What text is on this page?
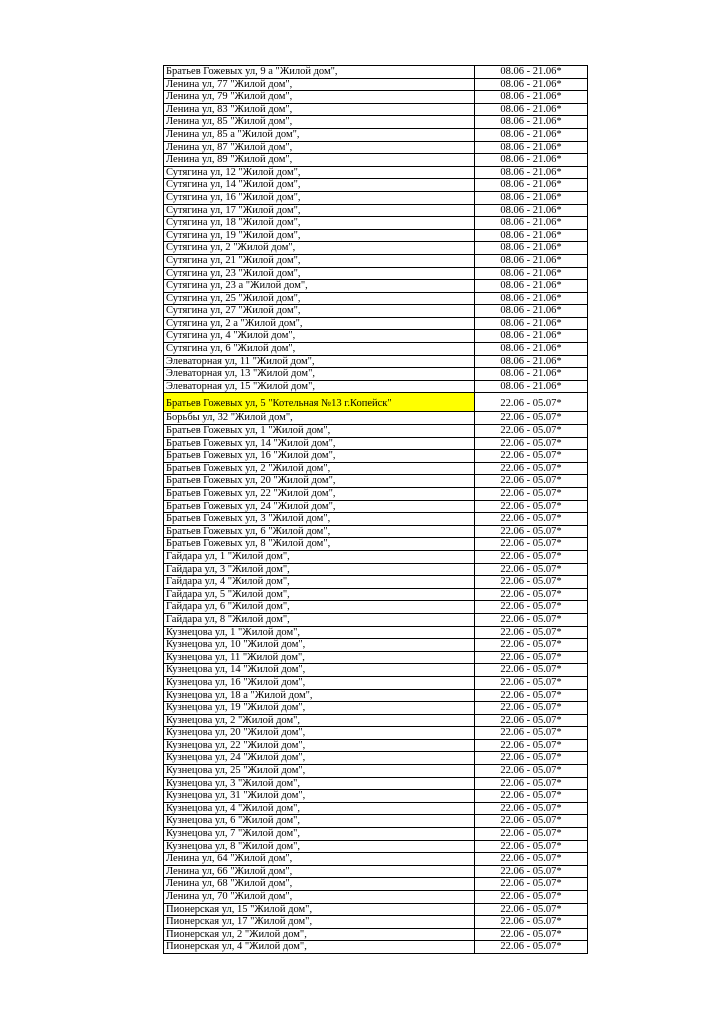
Братьев Гожевых ул, 9 а "Жилой дом",	08.06 - 21.06*
Ленина ул, 77 "Жилой дом",	08.06 - 21.06*
Ленина ул, 79 "Жилой дом",	08.06 - 21.06*
Ленина ул, 83 "Жилой дом",	08.06 - 21.06*
Ленина ул, 85 "Жилой дом",	08.06 - 21.06*
Ленина ул, 85 а "Жилой дом",	08.06 - 21.06*
Ленина ул, 87 "Жилой дом",	08.06 - 21.06*
Ленина ул, 89 "Жилой дом",	08.06 - 21.06*
Сутягина ул, 12 "Жилой дом",	08.06 - 21.06*
Сутягина ул, 14 "Жилой дом",	08.06 - 21.06*
Сутягина ул, 16 "Жилой дом",	08.06 - 21.06*
Сутягина ул, 17 "Жилой дом",	08.06 - 21.06*
Сутягина ул, 18 "Жилой дом",	08.06 - 21.06*
Сутягина ул, 19 "Жилой дом",	08.06 - 21.06*
Сутягина ул, 2 "Жилой дом",	08.06 - 21.06*
Сутягина ул, 21 "Жилой дом",	08.06 - 21.06*
Сутягина ул, 23 "Жилой дом",	08.06 - 21.06*
Сутягина ул, 23 а "Жилой дом",	08.06 - 21.06*
Сутягина ул, 25 "Жилой дом",	08.06 - 21.06*
Сутягина ул, 27 "Жилой дом",	08.06 - 21.06*
Сутягина ул, 2 а "Жилой дом",	08.06 - 21.06*
Сутягина ул, 4 "Жилой дом",	08.06 - 21.06*
Сутягина ул, 6 "Жилой дом",	08.06 - 21.06*
Элеваторная ул, 11 "Жилой дом",	08.06 - 21.06*
Элеваторная ул, 13 "Жилой дом",	08.06 - 21.06*
Элеваторная ул, 15 "Жилой дом",	08.06 - 21.06*
Братьев Гожевых ул, 5 "Котельная №13 г.Копейск"	22.06 - 05.07*
Борьбы ул, 32 "Жилой дом",	22.06 - 05.07*
Братьев Гожевых ул, 1 "Жилой дом",	22.06 - 05.07*
Братьев Гожевых ул, 14 "Жилой дом",	22.06 - 05.07*
Братьев Гожевых ул, 16 "Жилой дом",	22.06 - 05.07*
Братьев Гожевых ул, 2 "Жилой дом",	22.06 - 05.07*
Братьев Гожевых ул, 20 "Жилой дом",	22.06 - 05.07*
Братьев Гожевых ул, 22 "Жилой дом",	22.06 - 05.07*
Братьев Гожевых ул, 24 "Жилой дом",	22.06 - 05.07*
Братьев Гожевых ул, 3 "Жилой дом",	22.06 - 05.07*
Братьев Гожевых ул, 6 "Жилой дом",	22.06 - 05.07*
Братьев Гожевых ул, 8 "Жилой дом",	22.06 - 05.07*
Гайдара ул, 1 "Жилой дом",	22.06 - 05.07*
Гайдара ул, 3 "Жилой дом",	22.06 - 05.07*
Гайдара ул, 4 "Жилой дом",	22.06 - 05.07*
Гайдара ул, 5 "Жилой дом",	22.06 - 05.07*
Гайдара ул, 6 "Жилой дом",	22.06 - 05.07*
Гайдара ул, 8 "Жилой дом",	22.06 - 05.07*
Кузнецова ул, 1 "Жилой дом",	22.06 - 05.07*
Кузнецова ул, 10 "Жилой дом",	22.06 - 05.07*
Кузнецова ул, 11 "Жилой дом",	22.06 - 05.07*
Кузнецова ул, 14 "Жилой дом",	22.06 - 05.07*
Кузнецова ул, 16 "Жилой дом",	22.06 - 05.07*
Кузнецова ул, 18 а "Жилой дом",	22.06 - 05.07*
Кузнецова ул, 19 "Жилой дом",	22.06 - 05.07*
Кузнецова ул, 2 "Жилой дом",	22.06 - 05.07*
Кузнецова ул, 20 "Жилой дом",	22.06 - 05.07*
Кузнецова ул, 22 "Жилой дом",	22.06 - 05.07*
Кузнецова ул, 24 "Жилой дом",	22.06 - 05.07*
Кузнецова ул, 25 "Жилой дом",	22.06 - 05.07*
Кузнецова ул, 3 "Жилой дом",	22.06 - 05.07*
Кузнецова ул, 31 "Жилой дом",	22.06 - 05.07*
Кузнецова ул, 4 "Жилой дом",	22.06 - 05.07*
Кузнецова ул, 6 "Жилой дом",	22.06 - 05.07*
Кузнецова ул, 7 "Жилой дом",	22.06 - 05.07*
Кузнецова ул, 8 "Жилой дом",	22.06 - 05.07*
Ленина ул, 64 "Жилой дом",	22.06 - 05.07*
Ленина ул, 66 "Жилой дом",	22.06 - 05.07*
Ленина ул, 68 "Жилой дом",	22.06 - 05.07*
Ленина ул, 70 "Жилой дом",	22.06 - 05.07*
Пионерская ул, 15 "Жилой дом",	22.06 - 05.07*
Пионерская ул, 17 "Жилой дом",	22.06 - 05.07*
Пионерская ул, 2 "Жилой дом",	22.06 - 05.07*
Пионерская ул, 4 "Жилой дом",	22.06 - 05.07*
